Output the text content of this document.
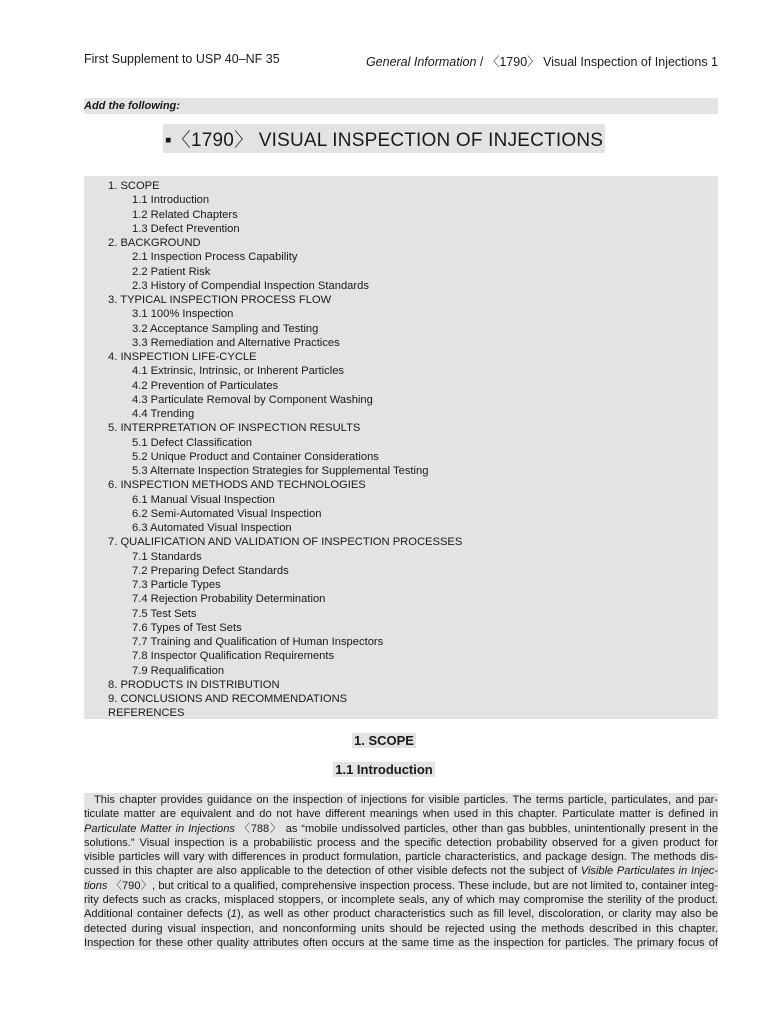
First Supplement to USP 40–NF 35	General Information / 〈1790〉 Visual Inspection of Injections 1
Add the following:
▪〈1790〉 VISUAL INSPECTION OF INJECTIONS
1. SCOPE
1.1 Introduction
1.2 Related Chapters
1.3 Defect Prevention
2. BACKGROUND
2.1 Inspection Process Capability
2.2 Patient Risk
2.3 History of Compendial Inspection Standards
3. TYPICAL INSPECTION PROCESS FLOW
3.1 100% Inspection
3.2 Acceptance Sampling and Testing
3.3 Remediation and Alternative Practices
4. INSPECTION LIFE-CYCLE
4.1 Extrinsic, Intrinsic, or Inherent Particles
4.2 Prevention of Particulates
4.3 Particulate Removal by Component Washing
4.4 Trending
5. INTERPRETATION OF INSPECTION RESULTS
5.1 Defect Classification
5.2 Unique Product and Container Considerations
5.3 Alternate Inspection Strategies for Supplemental Testing
6. INSPECTION METHODS AND TECHNOLOGIES
6.1 Manual Visual Inspection
6.2 Semi-Automated Visual Inspection
6.3 Automated Visual Inspection
7. QUALIFICATION AND VALIDATION OF INSPECTION PROCESSES
7.1 Standards
7.2 Preparing Defect Standards
7.3 Particle Types
7.4 Rejection Probability Determination
7.5 Test Sets
7.6 Types of Test Sets
7.7 Training and Qualification of Human Inspectors
7.8 Inspector Qualification Requirements
7.9 Requalification
8. PRODUCTS IN DISTRIBUTION
9. CONCLUSIONS AND RECOMMENDATIONS
REFERENCES
1. SCOPE
1.1 Introduction
This chapter provides guidance on the inspection of injections for visible particles. The terms particle, particulates, and par-
ticulate matter are equivalent and do not have different meanings when used in this chapter. Particulate matter is defined in
Particulate Matter in Injections 〈788〉 as “mobile undissolved particles, other than gas bubbles, unintentionally present in the
solutions.” Visual inspection is a probabilistic process and the specific detection probability observed for a given product for
visible particles will vary with differences in product formulation, particle characteristics, and package design. The methods dis-
cussed in this chapter are also applicable to the detection of other visible defects not the subject of Visible Particulates in Injec-
tions 〈790〉, but critical to a qualified, comprehensive inspection process. These include, but are not limited to, container integ-
rity defects such as cracks, misplaced stoppers, or incomplete seals, any of which may compromise the sterility of the product.
Additional container defects (1), as well as other product characteristics such as fill level, discoloration, or clarity may also be
detected during visual inspection, and nonconforming units should be rejected using the methods described in this chapter.
Inspection for these other quality attributes often occurs at the same time as the inspection for particles. The primary focus of
